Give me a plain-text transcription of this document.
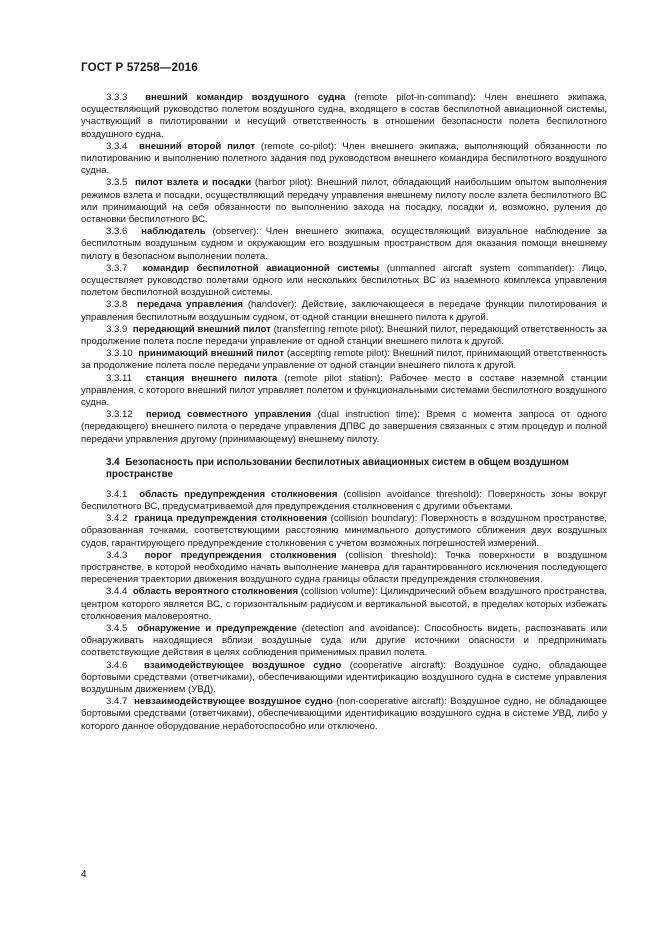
ГОСТ Р 57258—2016

3.3.3 внешний командир воздушного судна (remote pilot-in-command): Член внешнего экипажа, осуществляющий руководство полетом воздушного судна, входящего в состав беспилотной авиационной системы, участвующий в пилотировании и несущий ответственность в отношении безопасности полета беспилотного воздушного судна.

3.3.4 внешний второй пилот (remote co-pilot): Член внешнего экипажа, выполняющий обязанности по пилотированию и выполнению полетного задания под руководством внешнего командира беспилотного воздушного судна.

3.3.5 пилот взлета и посадки (harbor pilot): Внешний пилот, обладающий наибольшим опытом выполнения режимов взлета и посадки, осуществляющий передачу управления внешнему пилоту после взлета беспилотного ВС или принимающий на себя обязанности по выполнению захода на посадку, посадки и, возможно, руления до остановки беспилотного ВС.

3.3.6 наблюдатель (observer): Член внешнего экипажа, осуществляющий визуальное наблюдение за беспилотным воздушным судном и окружающим его воздушным пространством для оказания помощи внешнему пилоту в безопасном выполнении полета.

3.3.7 командир беспилотной авиационной системы (unmanned aircraft system commander): Лицо, осуществляет руководство полетами одного или нескольких беспилотных ВС из наземного комплекса управления полетом беспилотной воздушной системы.

3.3.8 передача управления (handover): Действие, заключающееся в передаче функции пилотирования и управления беспилотным воздушным судном, от одной станции внешнего пилота к другой.

3.3.9 передающий внешний пилот (transferring remote pilot): Внешний пилот, передающий ответственность за продолжение полета после передачи управление от одной станции внешнего пилота к другой.

3.3.10 принимающий внешний пилот (accepting remote pilot): Внешний пилот, принимающий ответственность за продолжение полета после передачи управление от одной станции внешнего пилота к другой.

3.3.11 станция внешнего пилота (remote pilot station): Рабочее место в составе наземной станции управления, с которого внешний пилот управляет полетом и функциональными системами беспилотного воздушного судна.

3.3.12 период совместного управления (dual instruction time): Время с момента запроса от одного (передающего) внешнего пилота о передаче управления ДПВС до завершения связанных с этим процедур и полной передачи управления другому (принимающему) внешнему пилоту.

3.4 Безопасность при использовании беспилотных авиационных систем в общем воздушном пространстве

3.4.1 область предупреждения столкновения (collision avoidance threshold): Поверхность зоны вокруг беспилотного ВС, предусматриваемой для предупреждения столкновения с другими объектами.

3.4.2 граница предупреждения столкновения (collision boundary): Поверхность в воздушном пространстве, образованная точками, соответствующими расстоянию минимального допустимого сближения двух воздушных судов, гарантирующего предупреждение столкновения с учетом возможных погрешностей измерений.

3.4.3 порог предупреждения столкновения (collision threshold): Точка поверхности в воздушном пространстве, в которой необходимо начать выполнение маневра для гарантированного исключения последующего пересечения траектории движения воздушного судна границы области предупреждения столкновения.

3.4.4 область вероятного столкновения (collision volume): Цилиндрический объем воздушного пространства, центром которого является ВС, с горизонтальным радиусом и вертикальной высотой, в пределах которых избежать столкновения маловероятно.

3.4.5 обнаружение и предупреждение (detection and avoidance): Способность видеть, распознавать или обнаруживать находящиеся вблизи воздушные суда или другие источники опасности и предпринимать соответствующие действия в целях соблюдения применимых правил полета.

3.4.6 взаимодействующее воздушное судно (cooperative aircraft): Воздушное судно, обладающее бортовыми средствами (ответчиками), обеспечивающими идентификацию воздушного судна в системе управления воздушным движением (УВД).

3.4.7 невзаимодействующее воздушное судно (non-cooperative aircraft): Воздушное судно, не обладающее бортовыми средствами (ответчиками), обеспечивающими идентификацию воздушного судна в системе УВД, либо у которого данное оборудование неработоспособно или отключено.

4
